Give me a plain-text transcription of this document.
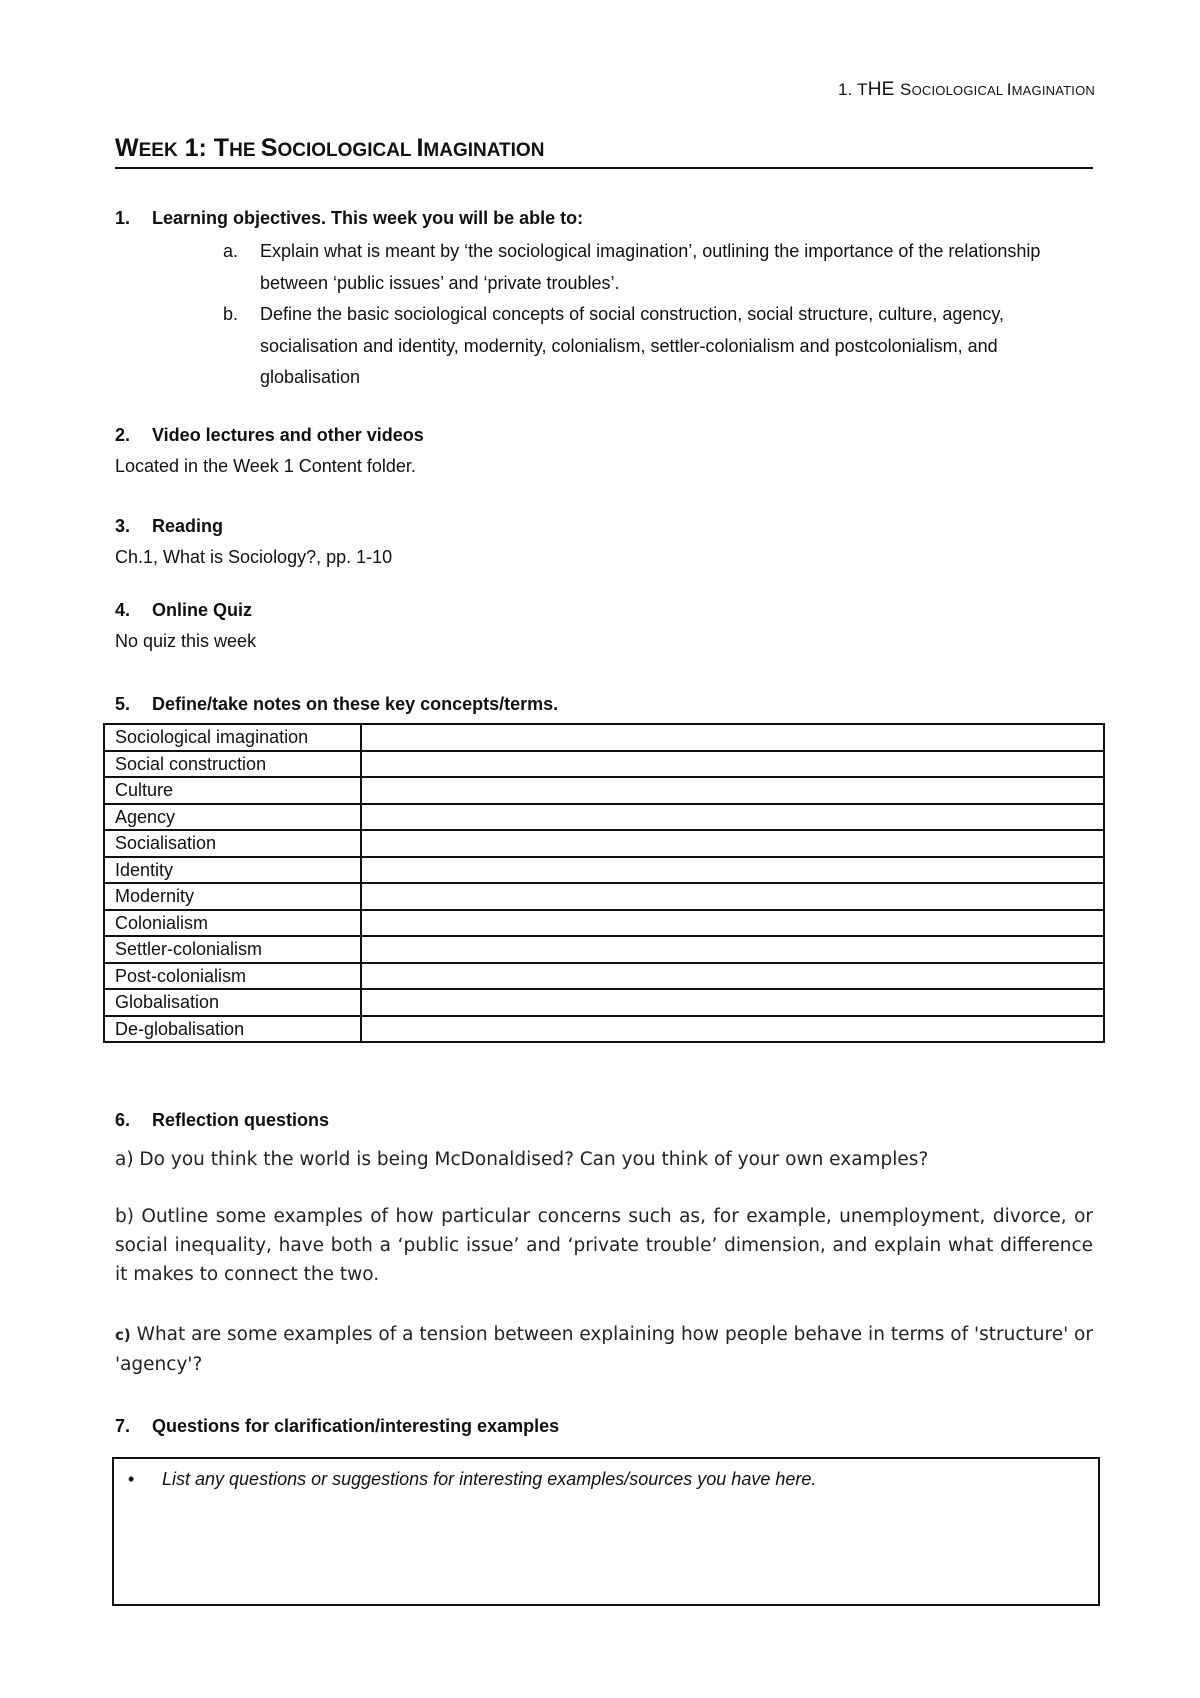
1. THE SOCIOLOGICAL IMAGINATION
WEEK 1: THE SOCIOLOGICAL IMAGINATION
1. Learning objectives. This week you will be able to:
a. Explain what is meant by ‘the sociological imagination’, outlining the importance of the relationship between ‘public issues’ and ‘private troubles’.
b. Define the basic sociological concepts of social construction, social structure, culture, agency, socialisation and identity, modernity, colonialism, settler-colonialism and postcolonialism, and globalisation
2. Video lectures and other videos
Located in the Week 1 Content folder.
3. Reading
Ch.1, What is Sociology?, pp. 1-10
4. Online Quiz
No quiz this week
5. Define/take notes on these key concepts/terms.
Sociological imagination	
Social construction	
Culture	
Agency	
Socialisation	
Identity	
Modernity	
Colonialism	
Settler-colonialism	
Post-colonialism	
Globalisation	
De-globalisation	
6. Reflection questions
a) Do you think the world is being McDonaldised? Can you think of your own examples?
b) Outline some examples of how particular concerns such as, for example, unemployment, divorce, or social inequality, have both a ‘public issue’ and ‘private trouble’ dimension, and explain what difference it makes to connect the two.
c) What are some examples of a tension between explaining how people behave in terms of 'structure' or 'agency'?
7. Questions for clarification/interesting examples
• List any questions or suggestions for interesting examples/sources you have here.
